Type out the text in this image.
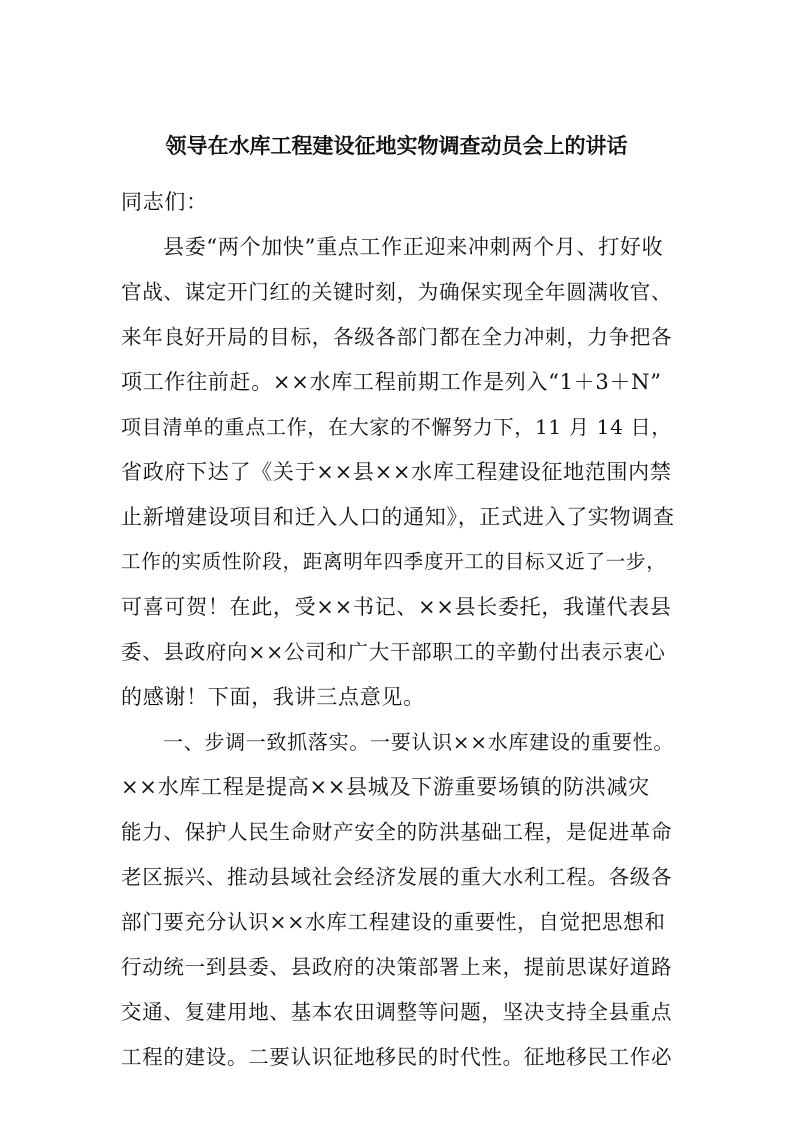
领导在水库工程建设征地实物调查动员会上的讲话
同志们：
县委“两个加快”重点工作正迎来冲刺两个月、打好收
官战、谋定开门红的关键时刻，为确保实现全年圆满收官、
来年良好开局的目标，各级各部门都在全力冲刺，力争把各
项工作往前赶。××水库工程前期工作是列入“1＋3＋N”
项目清单的重点工作，在大家的不懈努力下，11 月 14 日，
省政府下达了《关于××县××水库工程建设征地范围内禁
止新增建设项目和迁入人口的通知》，正式进入了实物调查
工作的实质性阶段，距离明年四季度开工的目标又近了一步，
可喜可贺！在此，受××书记、××县长委托，我谨代表县
委、县政府向××公司和广大干部职工的辛勤付出表示衷心
的感谢！下面，我讲三点意见。
一、步调一致抓落实。一要认识××水库建设的重要性。
××水库工程是提高××县城及下游重要场镇的防洪减灾
能力、保护人民生命财产安全的防洪基础工程，是促进革命
老区振兴、推动县域社会经济发展的重大水利工程。各级各
部门要充分认识××水库工程建设的重要性，自觉把思想和
行动统一到县委、县政府的决策部署上来，提前思谋好道路
交通、复建用地、基本农田调整等问题，坚决支持全县重点
工程的建设。二要认识征地移民的时代性。征地移民工作必
